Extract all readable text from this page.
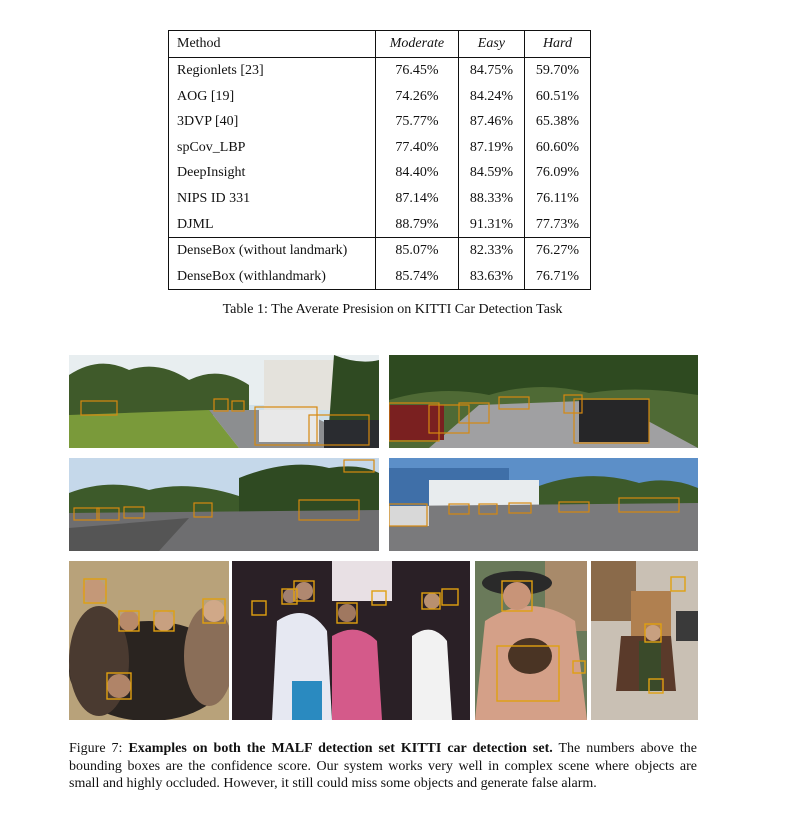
Method	Moderate	Easy	Hard
Regionlets [23]	76.45%	84.75%	59.70%
AOG [19]	74.26%	84.24%	60.51%
3DVP [40]	75.77%	87.46%	65.38%
spCov_LBP	77.40%	87.19%	60.60%
DeepInsight	84.40%	84.59%	76.09%
NIPS ID 331	87.14%	88.33%	76.11%
DJML	88.79%	91.31%	77.73%
DenseBox (without landmark)	85.07%	82.33%	76.27%
DenseBox (withlandmark)	85.74%	83.63%	76.71%
Table 1: The Averate Presision on KITTI Car Detection Task
Figure 7: Examples on both the MALF detection set KITTI car detection set. The numbers above the bounding boxes are the confidence score. Our system works very well in complex scene where objects are small and highly occluded. However, it still could miss some objects and generate false alarm.
